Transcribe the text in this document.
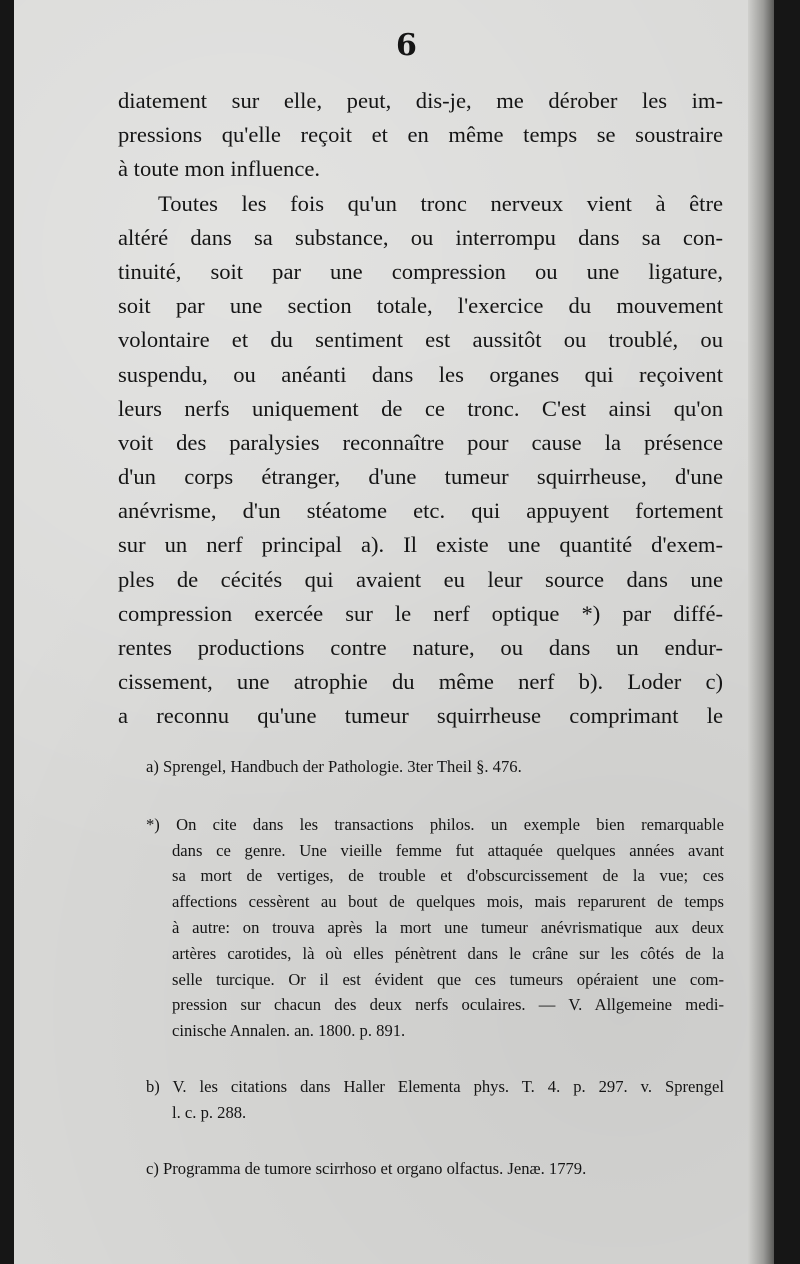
6
diatement sur elle, peut, dis-je, me dérober les im-
pressions qu'elle reçoit et en même temps se soustraire
à toute mon influence.
Toutes les fois qu'un tronc nerveux vient à être
altéré dans sa substance, ou interrompu dans sa con-
tinuité, soit par une compression ou une ligature,
soit par une section totale, l'exercice du mouvement
volontaire et du sentiment est aussitôt ou troublé, ou
suspendu, ou anéanti dans les organes qui reçoivent
leurs nerfs uniquement de ce tronc. C'est ainsi qu'on
voit des paralysies reconnaître pour cause la présence
d'un corps étranger, d'une tumeur squirrheuse, d'une
anévrisme, d'un stéatome etc. qui appuyent fortement
sur un nerf principal a). Il existe une quantité d'exem-
ples de cécités qui avaient eu leur source dans une
compression exercée sur le nerf optique *) par diffé-
rentes productions contre nature, ou dans un endur-
cissement, une atrophie du même nerf b). Loder c)
a reconnu qu'une tumeur squirrheuse comprimant le
a) Sprengel, Handbuch der Pathologie. 3ter Theil §. 476.
*) On cite dans les transactions philos. un exemple bien remarquable
dans ce genre. Une vieille femme fut attaquée quelques années avant
sa mort de vertiges, de trouble et d'obscurcissement de la vue; ces
affections cessèrent au bout de quelques mois, mais reparurent de temps
à autre: on trouva après la mort une tumeur anévrismatique aux deux
artères carotides, là où elles pénètrent dans le crâne sur les côtés de la
selle turcique. Or il est évident que ces tumeurs opéraient une com-
pression sur chacun des deux nerfs oculaires. — V. Allgemeine medi-
cinische Annalen. an. 1800. p. 891.
b) V. les citations dans Haller Elementa phys. T. 4. p. 297. v. Sprengel
l. c. p. 288.
c) Programma de tumore scirrhoso et organo olfactus. Jenæ. 1779.
